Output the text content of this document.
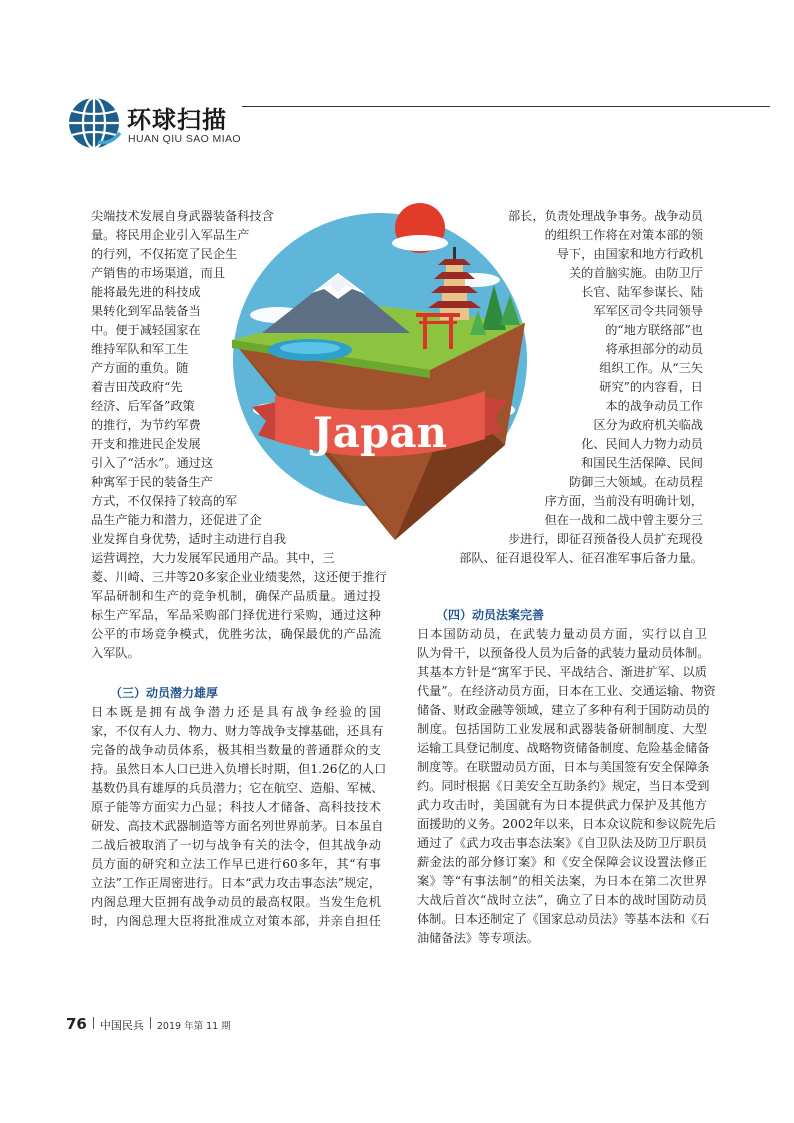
环球扫描
HUAN QIU SAO MIAO
Japan
尖端技术发展自身武器装备科技含
量。将民用企业引入军品生产
的行列，不仅拓宽了民企生
产销售的市场渠道，而且
能将最先进的科技成
果转化到军品装备当
中。便于减轻国家在
维持军队和军工生
产方面的重负。随
着吉田茂政府“先
经济、后军备”政策
的推行，为节约军费
开支和推进民企发展
引入了“活水”。通过这
种寓军于民的装备生产
方式，不仅保持了较高的军
品生产能力和潜力，还促进了企
业发挥自身优势，适时主动进行自我
运营调控，大力发展军民通用产品。其中，三
部长，负责处理战争事务。战争动员
的组织工作将在对策本部的领
导下，由国家和地方行政机
关的首脑实施。由防卫厅
长官、陆军参谋长、陆
军军区司令共同领导
的“地方联络部”也
将承担部分的动员
组织工作。从“三矢
研究”的内容看，日
本的战争动员工作
区分为政府机关临战
化、民间人力物力动员
和国民生活保障、民间
防御三大领域。在动员程
序方面，当前没有明确计划，
但在一战和二战中曾主要分三
步进行，即征召预备役人员扩充现役
部队、征召退役军人、征召准军事后备力量。
菱、川崎、三井等20多家企业业绩斐然，这还便于推行
军品研制和生产的竞争机制，确保产品质量。通过投
标生产军品，军品采购部门择优进行采购，通过这种
公平的市场竞争模式，优胜劣汰，确保最优的产品流
入军队。
（三）动员潜力雄厚
日本既是拥有战争潜力还是具有战争经验的国
家，不仅有人力、物力、财力等战争支撑基础，还具有
完备的战争动员体系，极其相当数量的普通群众的支
持。虽然日本人口已进入负增长时期，但1.26亿的人口
基数仍具有雄厚的兵员潜力；它在航空、造船、军械、
原子能等方面实力凸显；科技人才储备、高科技技术
研发、高技术武器制造等方面名列世界前茅。日本虽自
二战后被取消了一切与战争有关的法令，但其战争动
员方面的研究和立法工作早已进行60多年，其“有事
立法”工作正周密进行。日本“武力攻击事态法”规定，
内阁总理大臣拥有战争动员的最高权限。当发生危机
时，内阁总理大臣将批准成立对策本部，并亲自担任
（四）动员法案完善
日本国防动员，在武装力量动员方面，实行以自卫
队为骨干，以预备役人员为后备的武装力量动员体制。
其基本方针是“寓军于民、平战结合、渐进扩军、以质
代量”。在经济动员方面，日本在工业、交通运输、物资
储备、财政金融等领域，建立了多种有利于国防动员的
制度。包括国防工业发展和武器装备研制制度、大型
运输工具登记制度、战略物资储备制度、危险基金储备
制度等。在联盟动员方面，日本与美国签有安全保障条
约。同时根据《日美安全互助条约》规定，当日本受到
武力攻击时，美国就有为日本提供武力保护及其他方
面援助的义务。2002年以来，日本众议院和参议院先后
通过了《武力攻击事态法案》《自卫队法及防卫厅职员
薪金法的部分修订案》和《安全保障会议设置法修正
案》等“有事法制”的相关法案，为日本在第二次世界
大战后首次“战时立法”，确立了日本的战时国防动员
体制。日本还制定了《国家总动员法》等基本法和《石
油储备法》等专项法。
76 中国民兵 2019 年第 11 期
